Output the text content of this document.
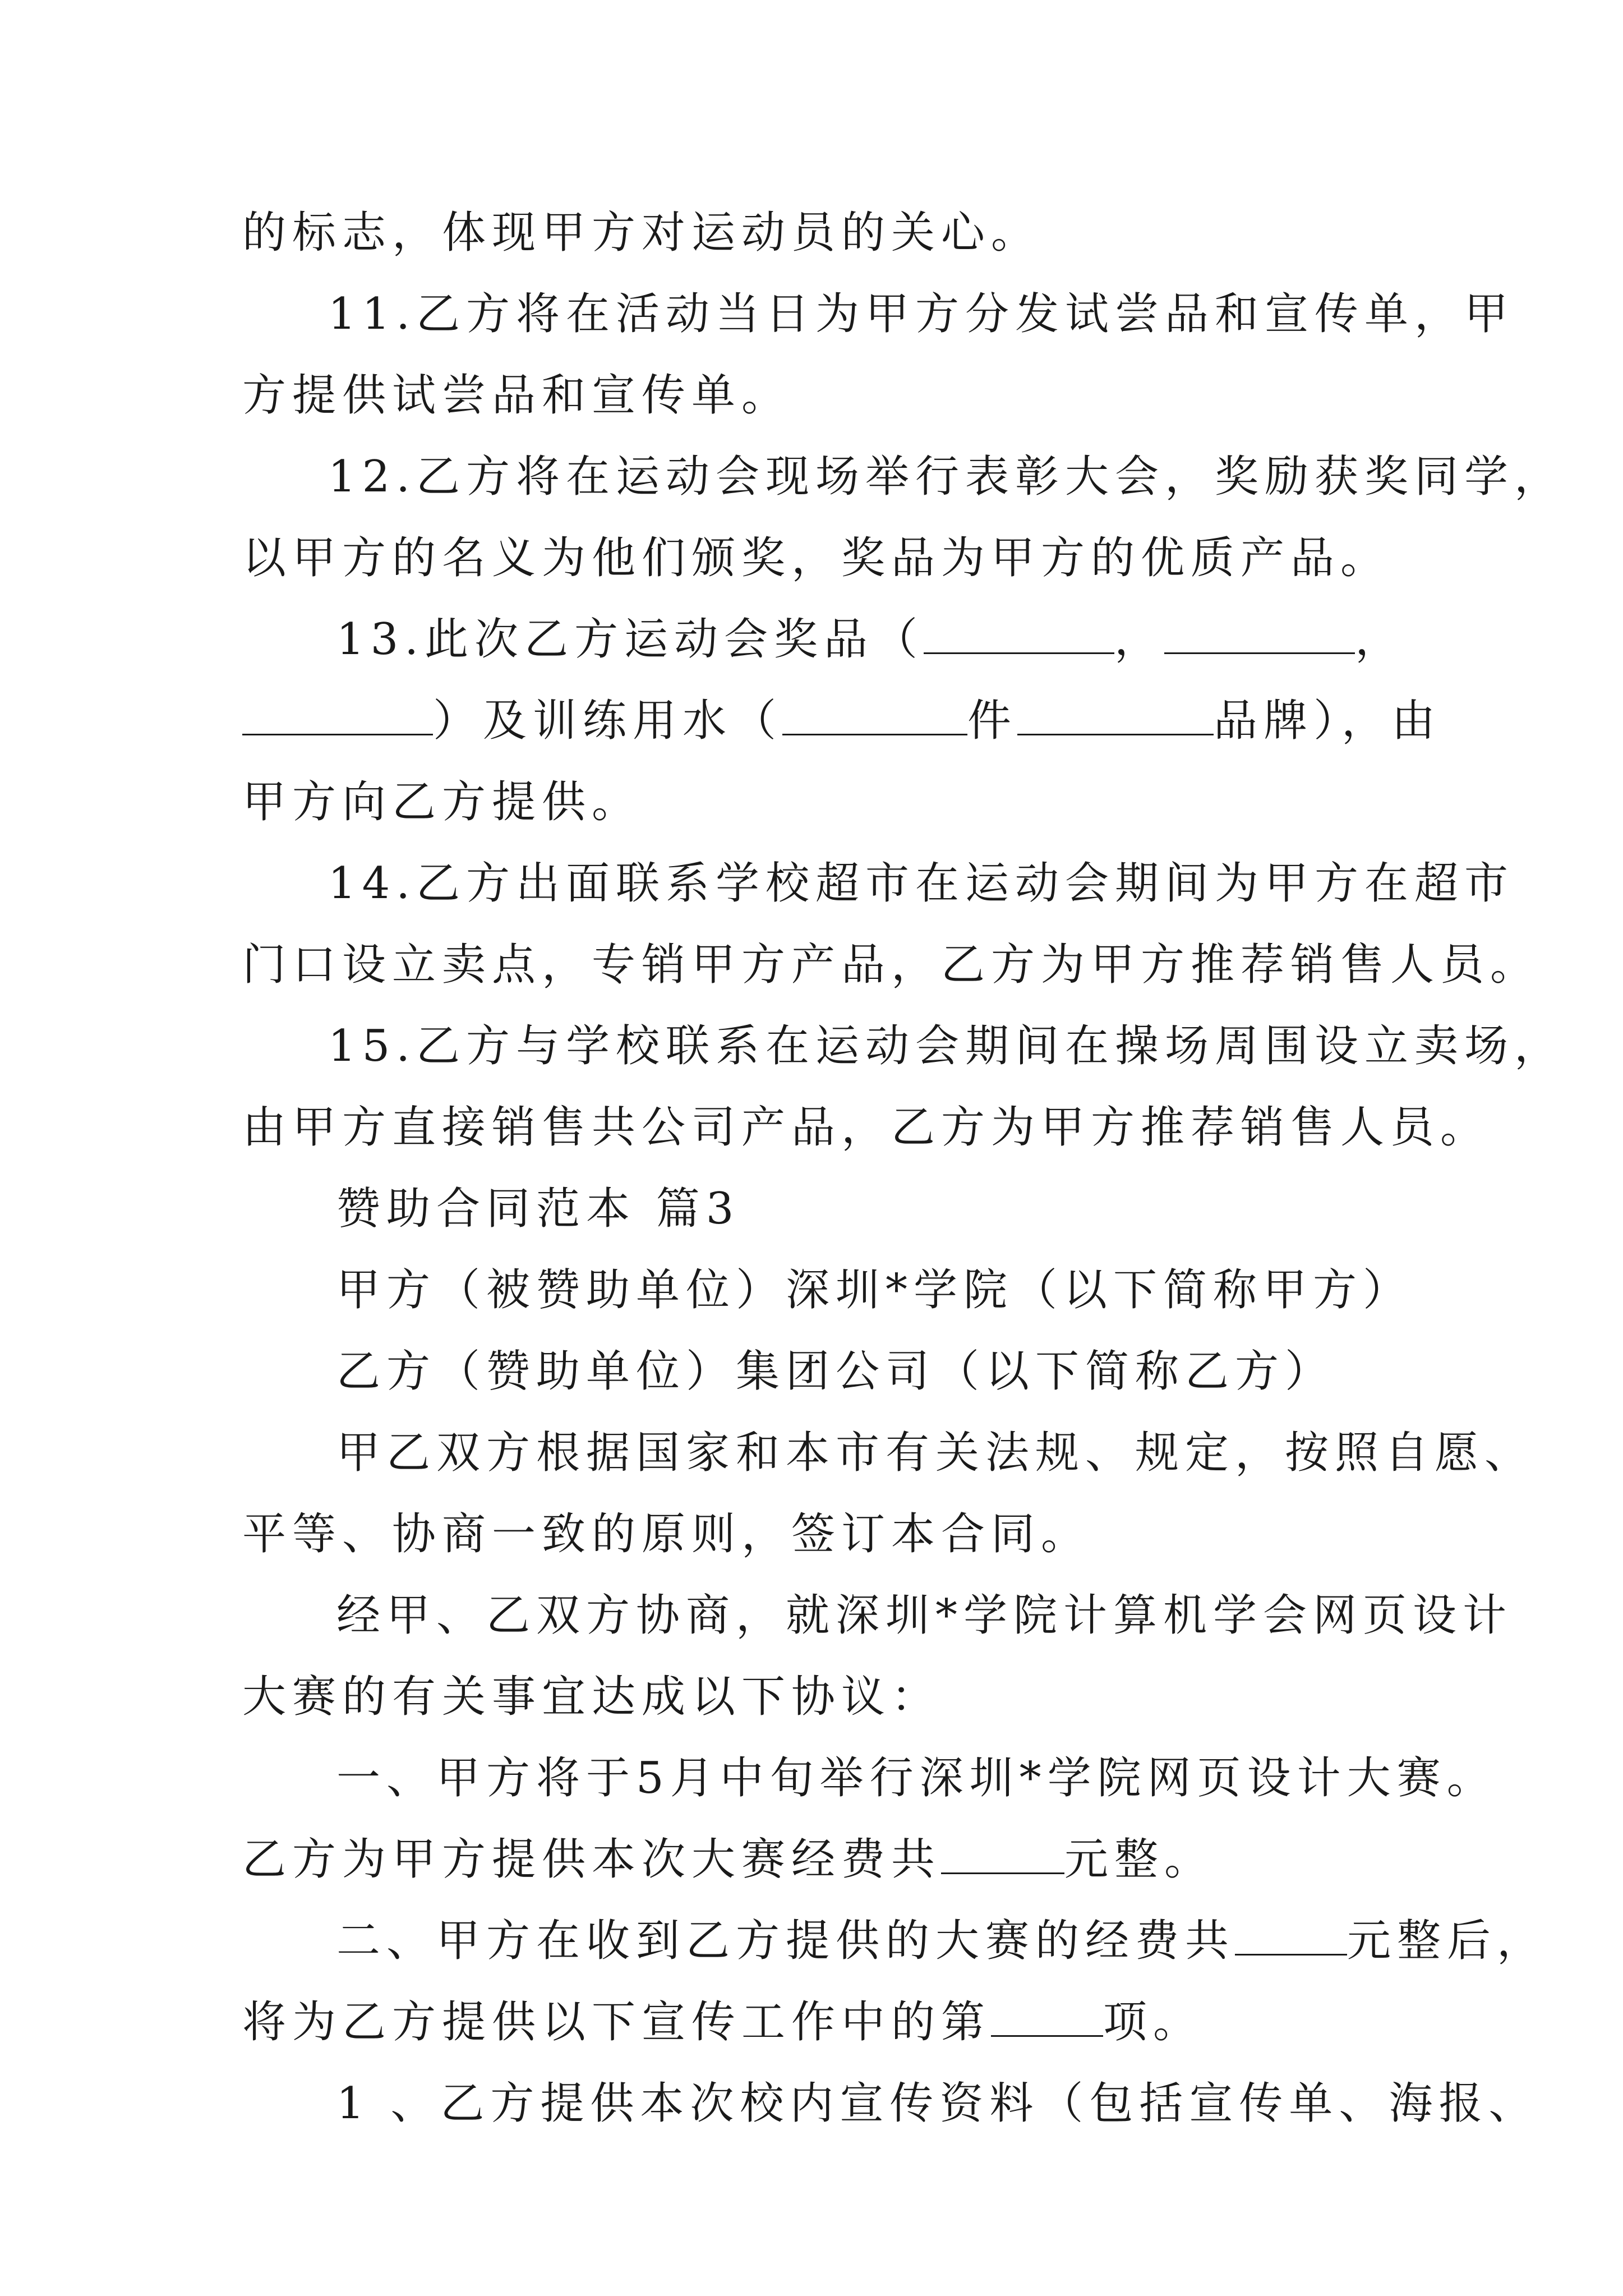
的标志，体现甲方对运动员的关心。
11.乙方将在活动当日为甲方分发试尝品和宣传单，甲
方提供试尝品和宣传单。
12.乙方将在运动会现场举行表彰大会，奖励获奖同学，
以甲方的名义为他们颁奖，奖品为甲方的优质产品。
13.此次乙方运动会奖品（	，	，
）及训练用水（	件	品牌），由
甲方向乙方提供。
14.乙方出面联系学校超市在运动会期间为甲方在超市
门口设立卖点，专销甲方产品，乙方为甲方推荐销售人员。
15.乙方与学校联系在运动会期间在操场周围设立卖场，
由甲方直接销售共公司产品，乙方为甲方推荐销售人员。
赞助合同范本 篇3
甲方（被赞助单位）深圳*学院（以下简称甲方）
乙方（赞助单位）集团公司（以下简称乙方）
甲乙双方根据国家和本市有关法规、规定，按照自愿、
平等、协商一致的原则，签订本合同。
经甲、乙双方协商，就深圳*学院计算机学会网页设计
大赛的有关事宜达成以下协议：
一、甲方将于5月中旬举行深圳*学院网页设计大赛。
乙方为甲方提供本次大赛经费共	元整。
二、甲方在收到乙方提供的大赛的经费共	元整后，
将为乙方提供以下宣传工作中的第	项。
1 、乙方提供本次校内宣传资料（包括宣传单、海报、
